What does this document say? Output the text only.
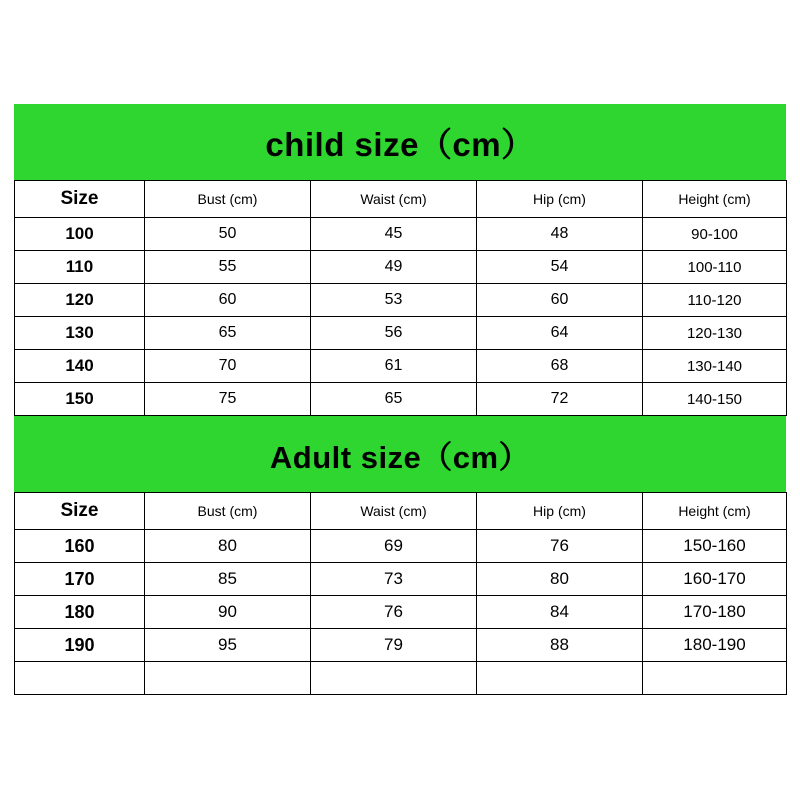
child size（cm）
Size	Bust (cm)	Waist (cm)	Hip (cm)	Height (cm)
100	50	45	48	90-100
110	55	49	54	100-110
120	60	53	60	110-120
130	65	56	64	120-130
140	70	61	68	130-140
150	75	65	72	140-150
Adult size（cm）
Size	Bust (cm)	Waist (cm)	Hip (cm)	Height (cm)
160	80	69	76	150-160
170	85	73	80	160-170
180	90	76	84	170-180
190	95	79	88	180-190
